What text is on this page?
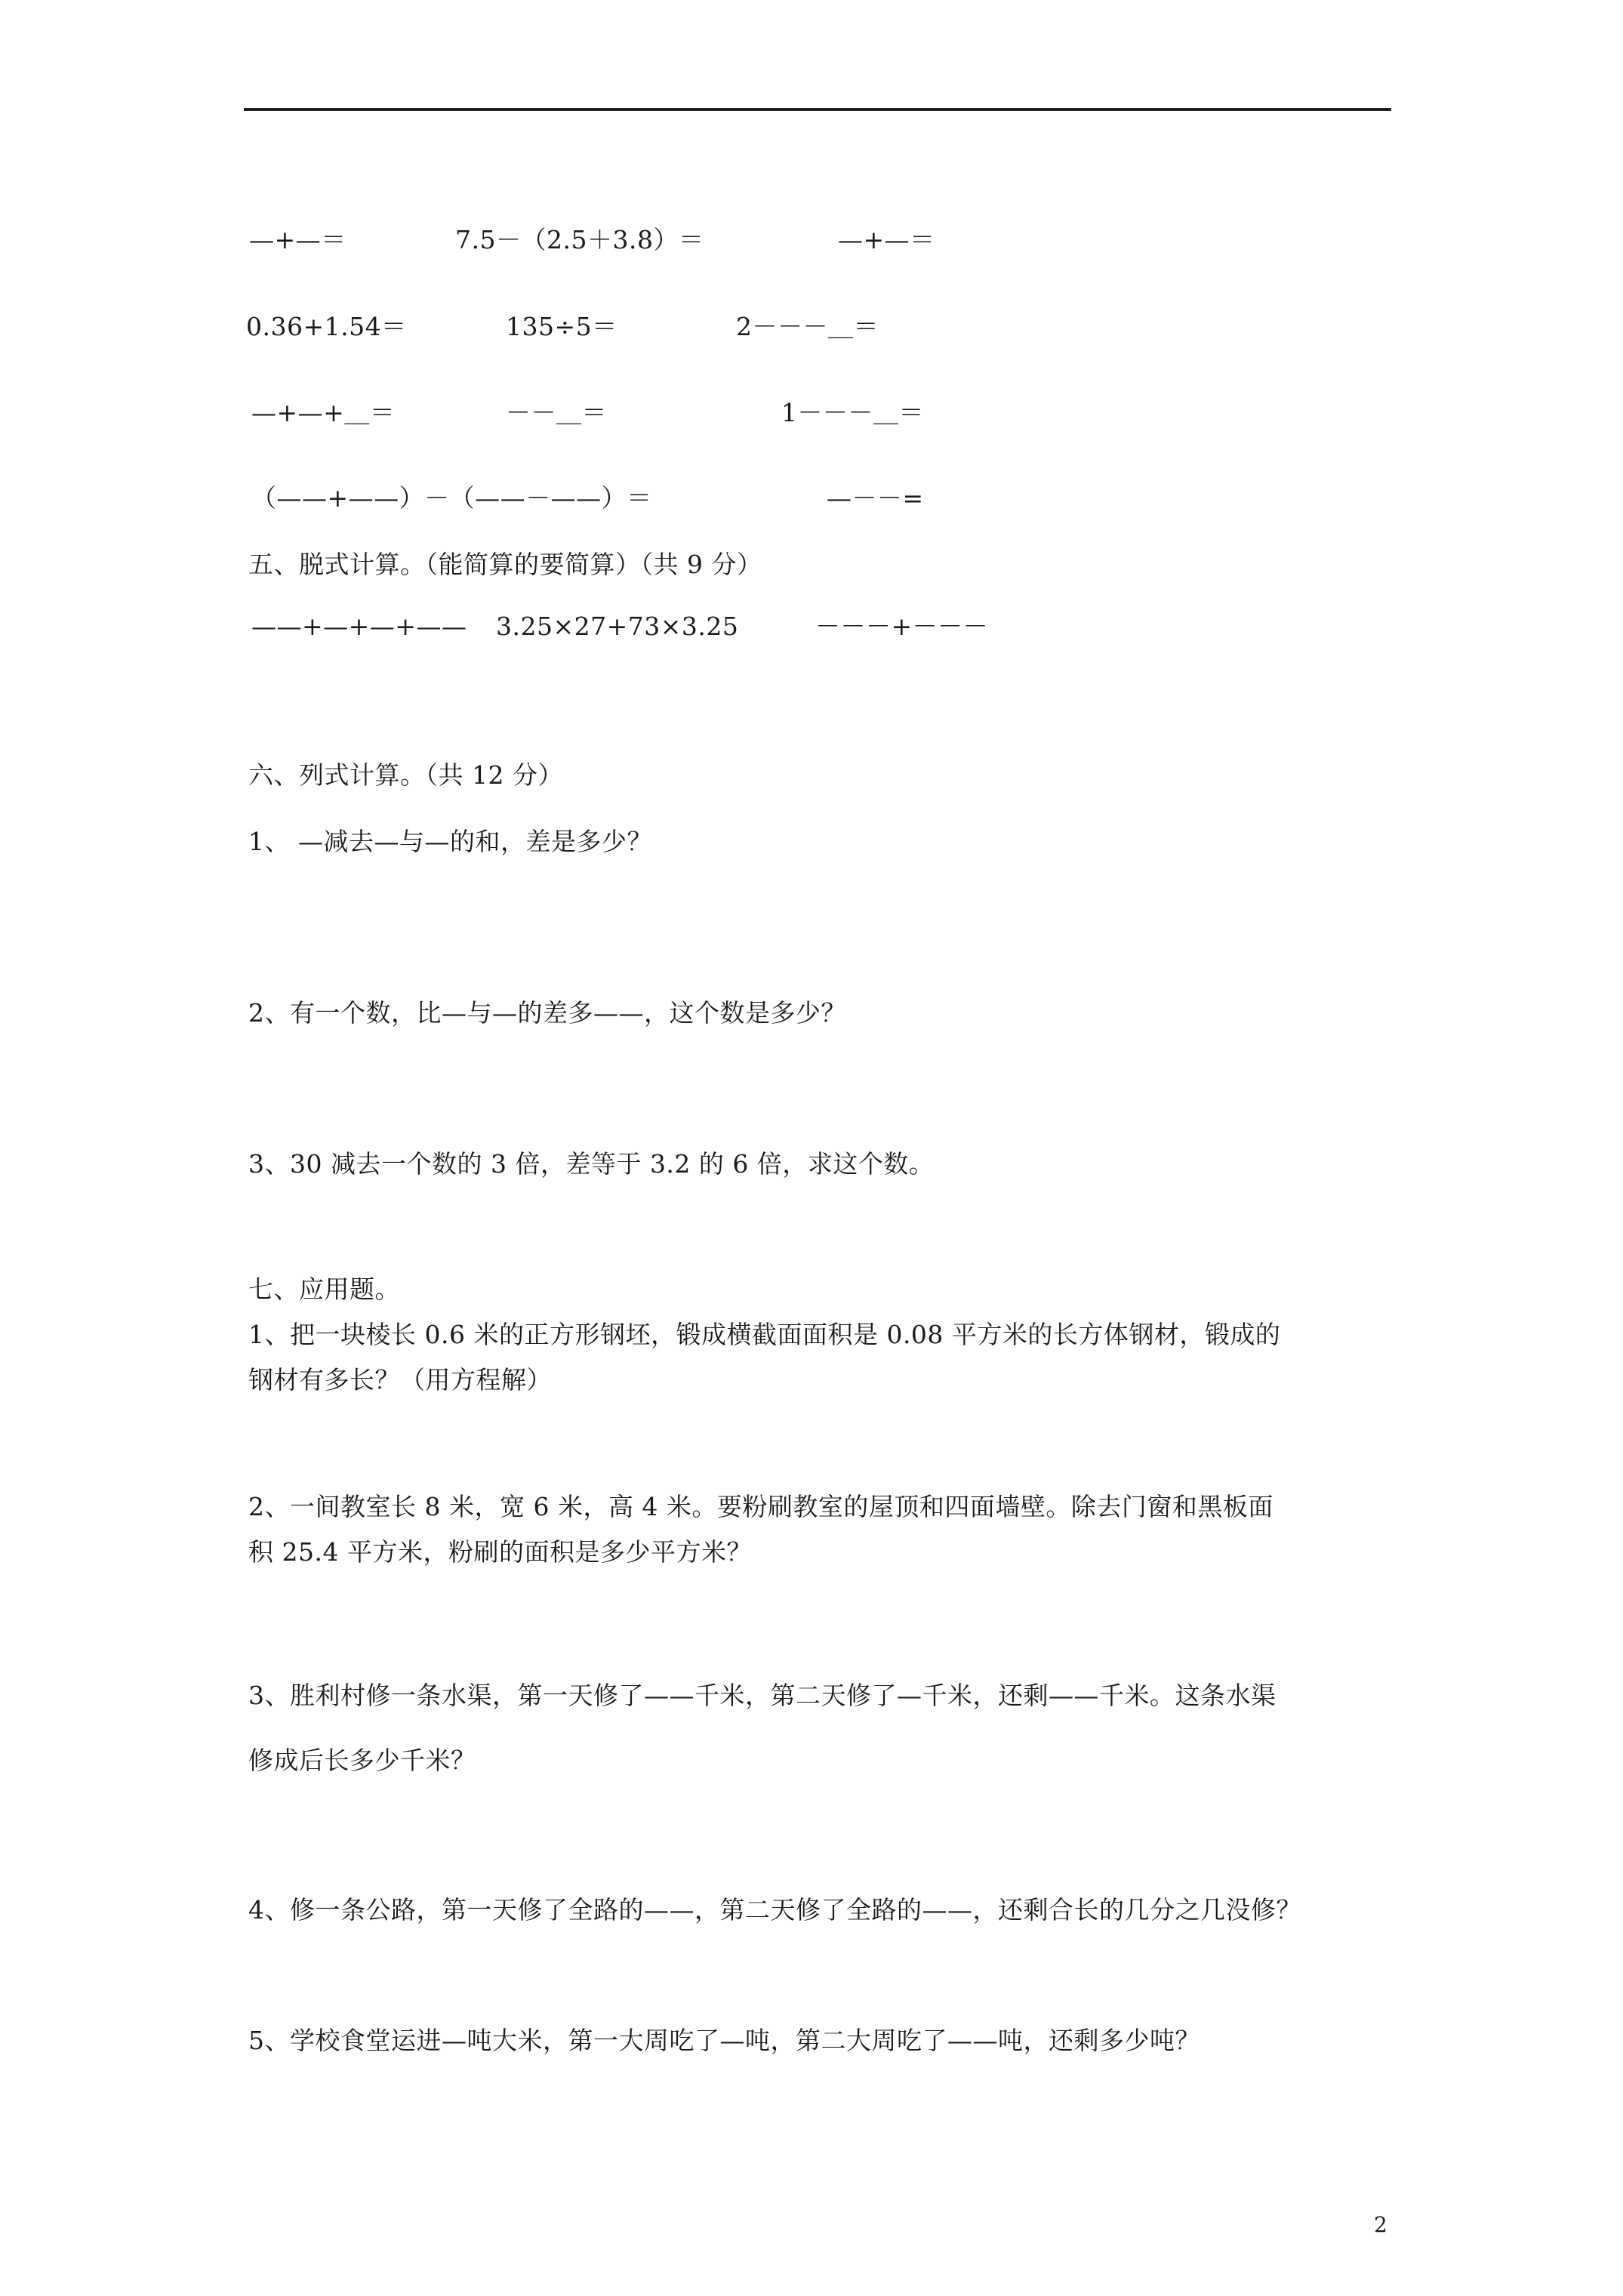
—+—＝	7.5－（2.5＋3.8）＝	—+—＝
0.36+1.54＝	135÷5＝	2－－－＿＝
—+—+＿＝	－－＿＝	1－－－＿＝
（——+——）－（——－——）＝	—－－=
五、脱式计算。（能简算的要简算）（共 9 分）
——+—+—+—— 3.25×27+73×3.25	－－－+－－－
六、列式计算。（共 12 分）
1、 —减去—与—的和，差是多少？
2、有一个数，比—与—的差多——，这个数是多少？
3、30 减去一个数的 3 倍，差等于 3.2 的 6 倍，求这个数。
七、应用题。
1、把一块棱长 0.6 米的正方形钢坯，锻成横截面面积是 0.08 平方米的长方体钢材，锻成的
钢材有多长？（用方程解）
2、一间教室长 8 米，宽 6 米，高 4 米。要粉刷教室的屋顶和四面墙壁。除去门窗和黑板面
积 25.4 平方米，粉刷的面积是多少平方米？
3、胜利村修一条水渠，第一天修了——千米，第二天修了—千米，还剩——千米。这条水渠
修成后长多少千米？
4、修一条公路，第一天修了全路的——，第二天修了全路的——，还剩合长的几分之几没修？
5、学校食堂运进—吨大米，第一大周吃了—吨，第二大周吃了——吨，还剩多少吨？
2
